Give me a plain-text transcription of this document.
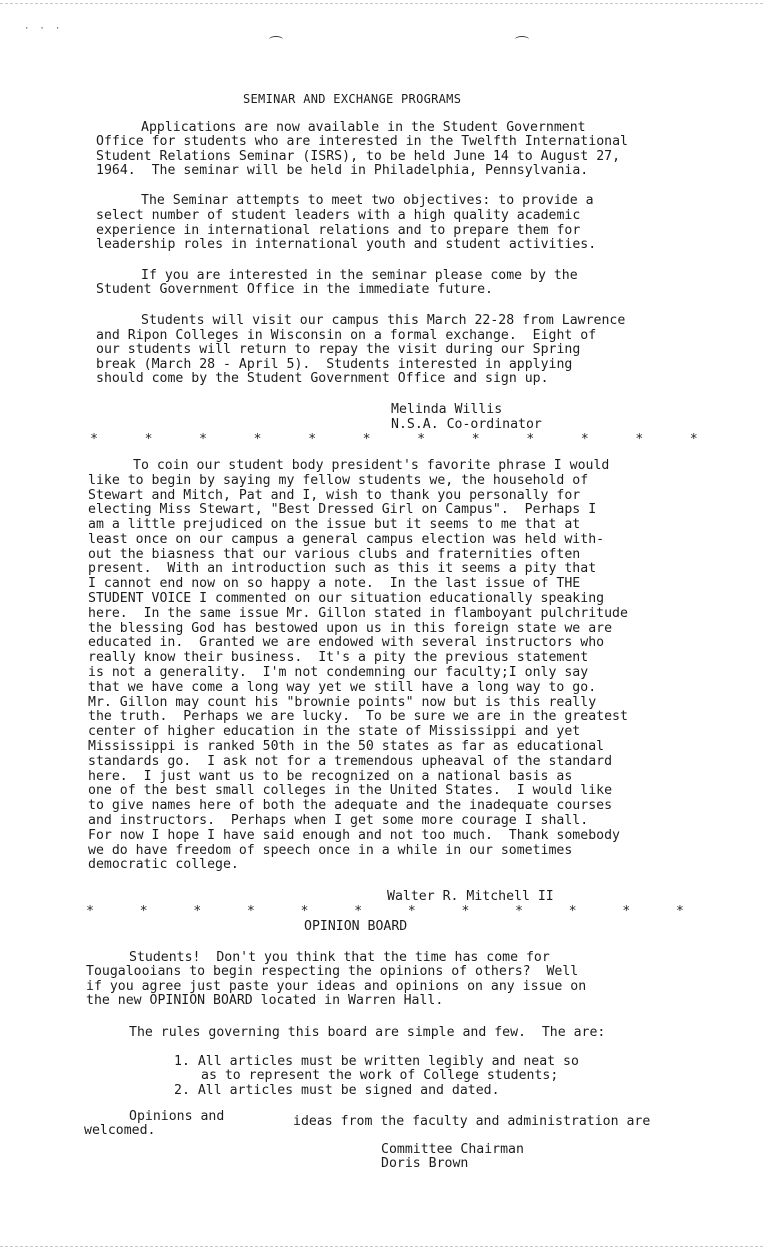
···
SEMINAR AND EXCHANGE PROGRAMS
Applications are now available in the Student Government
Office for students who are interested in the Twelfth International
Student Relations Seminar (ISRS), to be held June 14 to August 27,
1964.  The seminar will be held in Philadelphia, Pennsylvania.
The Seminar attempts to meet two objectives: to provide a
select number of student leaders with a high quality academic
experience in international relations and to prepare them for
leadership roles in international youth and student activities.
If you are interested in the seminar please come by the
Student Government Office in the immediate future.
Students will visit our campus this March 22-28 from Lawrence
and Ripon Colleges in Wisconsin on a formal exchange.  Eight of
our students will return to repay the visit during our Spring
break (March 28 - April 5).  Students interested in applying
should come by the Student Government Office and sign up.
Melinda Willis
N.S.A. Co-ordinator
*	*	*	*	*	*	*	*	*	*	*	*
To coin our student body president's favorite phrase I would
like to begin by saying my fellow students we, the household of
Stewart and Mitch, Pat and I, wish to thank you personally for
electing Miss Stewart, "Best Dressed Girl on Campus".  Perhaps I
am a little prejudiced on the issue but it seems to me that at
least once on our campus a general campus election was held with-
out the biasness that our various clubs and fraternities often
present.  With an introduction such as this it seems a pity that
I cannot end now on so happy a note.  In the last issue of THE
STUDENT VOICE I commented on our situation educationally speaking
here.  In the same issue Mr. Gillon stated in flamboyant pulchritude
the blessing God has bestowed upon us in this foreign state we are
educated in.  Granted we are endowed with several instructors who
really know their business.  It's a pity the previous statement
is not a generality.  I'm not condemning our faculty;I only say
that we have come a long way yet we still have a long way to go.
Mr. Gillon may count his "brownie points" now but is this really
the truth.  Perhaps we are lucky.  To be sure we are in the greatest
center of higher education in the state of Mississippi and yet
Mississippi is ranked 50th in the 50 states as far as educational
standards go.  I ask not for a tremendous upheaval of the standard
here.  I just want us to be recognized on a national basis as
one of the best small colleges in the United States.  I would like
to give names here of both the adequate and the inadequate courses
and instructors.  Perhaps when I get some more courage I shall.
For now I hope I have said enough and not too much.  Thank somebody
we do have freedom of speech once in a while in our sometimes
democratic college.
Walter R. Mitchell II
*	*	*	*	*	*	*	*	*	*	*	*
OPINION BOARD
Students!  Don't you think that the time has come for
Tougalooians to begin respecting the opinions of others?  Well
if you agree just paste your ideas and opinions on any issue on
the new OPINION BOARD located in Warren Hall.
The rules governing this board are simple and few.  The are:
1. All articles must be written legibly and neat so
as to represent the work of College students;
2. All articles must be signed and dated.
Opinions and	ideas from the faculty and administration are
welcomed.
Committee Chairman
Doris Brown
